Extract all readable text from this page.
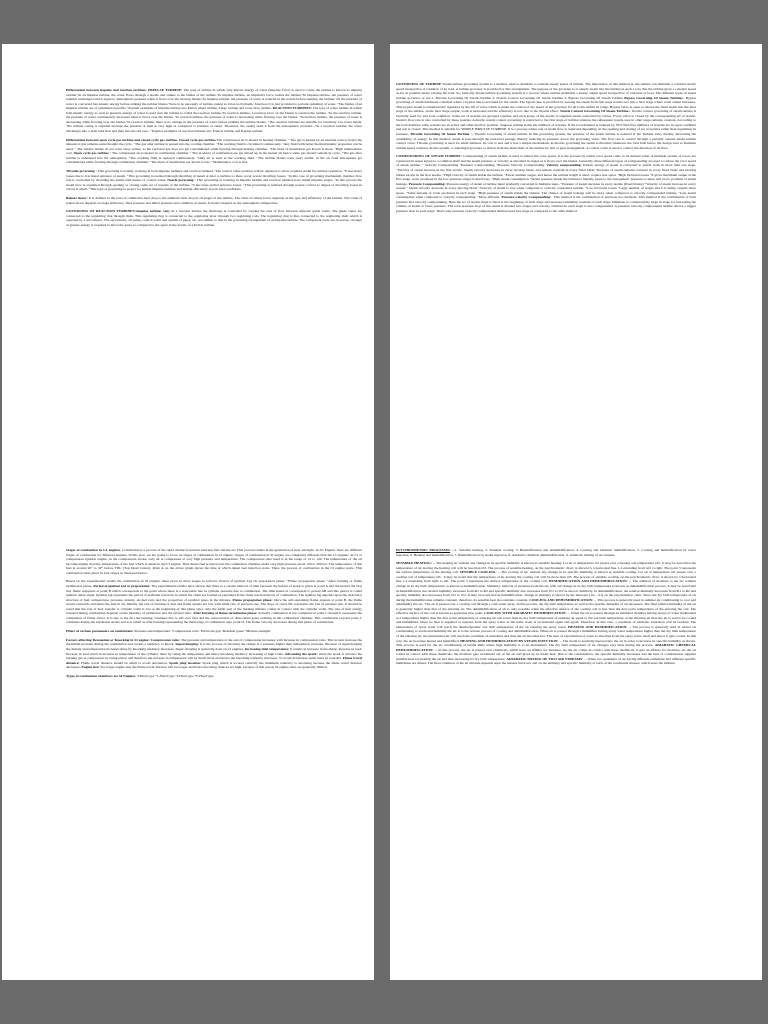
Differentiate between impulse and reaction turbines. IMPULSE TURBINE: The type of turbine in which only kinetic energy of water (impulse force) is used to rotate the turbine is known as impulse turbine."In an impulse turbine, the water flows through a nozzle and strikes to the blades of the turbine."In impulse turbine, an impulsive force rotates the turbine."In impulse turbine, the pressure of water remains unchanged and is equal to atmospheric pressure when it flows over the moving blades."In impulse turbine, the pressure of water is reduced in the nozzle before entering the turbine."all the pressure of water is converted into kinetic energy before striking the turbine blades."there is no necessity of turbine casing as it has no hydraulic function. It is just provided to prevent splashing of water. "The blades of an impulse turbine are of symmetrical profile."Popular examples of impulse turbine are: Pelton wheel turbine, Turgo turbine and cross-flow turbine. REACTION TURBINES: The type of water turbine in which both kinetic energy as well as pressure energy of water is used turn the turbine is called the reaction turbine."In reaction turbine, a reaction force on the blades is rotation the turbine. "In the reaction turbine, the pressure of water continuously decreases when it flows over the blades. "In reaction turbine, the pressure of water is decreasing while flowing over the blades. "In reaction turbine, the pressure of water is decreasing while flowing over the blades."In reaction turbine, there is no change in the pressure of water before striking the turbine blades. "The reaction turbines are suitable for relatively low water heads. "the turbine casing is required because the pressure at inlet is very high as compared to pressure at outlet. Therefore, the casing seals it from the atmospheric pressure..."In a reaction turbine, the water discharges into a draft tube first and then into the tail race.. "Popular examples of reaction turbines are: Francis turbine and Kaplan turbine.

Differentiate between open cycle gas turbine and closed cycle gas turbine. Closed cycle gas turbine The compressed air is heated in heating chamber. " The gas is heated by an external source, hence the amount of gas remains same thought the cycle. "The gas after turbine is passed into the cooling chamber. "The working fluid is circulated continuously. "Any fluid with better thermodynamic properties can be used. " The turbine blades do not wear away earlier, as the enclosed gas does not get contaminated while flowing through heating chamber. "The mass of installation per Kwatt is more. "High maintenance cost. Open cycle gas turbine : The compressed air is heated in combustion chamber " The products of combustion are get mixed up in the heated air hence same gas doesn't remain in cycle. "The gas after turbine is exhausted into the atmosphere. "The working fluid is replaced continuously. "Only air is used as the working fluid. "The turbine blades wear away earlier, as the air from atmosphere get contaminated while flowing through combustion chamber. "The mass of installation per Kwatt is less. "Maintenance cost is less.

Throttle governing : This governing is usually working in both impulse turbines and reaction turbines."The control value position will be adjusted to allow required steam for turbine operation. "It has lesser losses due to fractional entrance of steam. "This governing is realized through throttling of steam at inlet to turbine so there occur severe throttling losses. "In this case of governing mechanism, thermos flow rate is controlled by throttling the steam with means of control value. Nozzle governing : This governing is working in impulse turbine and reaction turbines have initial impulse stages. "In this process the steam flow is regulated through opening or closing some set of nozzles of the turbine. "It has large partial entrance losses. "This governing is realized through nozzle control so degree of throttling losses in valves is small. "This type of governing is proper for simple impulse turbines and mainly efficiently in part load conditions.

Reheat factor: It is defined as the ratio of cumulative heat drop to the adiabatic heat drop in all stages of the turbine. The value of reheat factor depends on the type and efficiency of the turbine. The value of reheat factor depends on stage efficiency, final pressure and initial pressure and condition of steam. It doesn't depend on the atmospheric temperature.

GOVERNING OF REACTION TURBINES=impulse turbine =any In a reaction turbine the discharge is controlled by varying the area of flow between adjacent guide vanes. The guide vanes are connected to the regulating ring through links. This regulating ring is connected to the regulating lever through two regulating rods. The regulating ring is thus connected to the regulating shaft which is operated by a servomotor. The servomotor, oil sump, control valve and system of pipes, etc. are similar to that in the governing arrangement of an impulse turbine. The component parts are, however, stronger as greater energy is required to move the gates as compared to the spear in the nozzle of a Pelton turbine.

GOVERNING OF TURBINE Steam turbine governing system is a method, used to maintain a constant steady speed of turbine. The importance of this method is, the turbine can maintain a constant steady speed irrespective of variation of its load. A turbine governor is provided for this arrangement. The purpose of the governor is to supply steam into the turbine in such a way that the turbine gives a constant speed as far as possible under varying the load. So, basically Steam turbine governing system is a process where turbine maintains a steady output speed irrespective of variation of load. The different types of steam turbine governor of are:1. Throttle Governing Of Steam Turbine 2. Nozzle Control Governing Of Steam Turbine 3. Bypass Governing Of Steam Turbine Bypass Governing Of Steam Turbine:- Bypass governing of steam turbinesis a method where a bypass line is provided for the steam. The bypass line is provided for passing the steam from first stage nozzle box into a later stage where work output increases. This bypass steam is automatically regulated by the lift of valve which is under the control of the speed of the governor for all loads within its range. Bypass valve is open to release the fresh steam into the later stage of the turbine. In the later stage output, work is increased and the efficiency is low due to the throttle effect. Nozzle Control Governing Of Steam Turbine:- Nozzle control governing of steam turbine is basically used for part load condition. Some set of nozzles are grouped together and each group of the nozzle is supplied steam controlled by valves. Every valve is closed by the corresponding set of nozzle. Steam's flow rate is also controlled by these nozzles. Actually, nozzle control governing is restricted to the first stage of turbine whereas the subsequent nozzle area in other stage remains constant. According to the load demand, some nozzles are in active and other inactive position. Suppose turbine holds ten numbers of nozzles. If the load demand is reduced by 50% then five numbers of nozzles are in open condition and rest is closed. This method is suitable for SIMPLE IMPULSE TURBINE. It is a process where rate of steam flow is regulated depending on the opening and closing of set of nozzles rather than regulating its pressure. Throttle Governing Of Steam Turbine :- Throttle Governing of steam turbine In this governing system, the pressure of the steam turbine is reduced at the Turbine entry thereby decreasing the availability of energy. In this method, steam is pass through the restricted passage thereby reducing its pressure across the governing valve. The flow rate is control through a partially opened steam turbine control valve. Throttle governing is used for small turbines. Its cost is less and it has a simple mechanism. In throttle governing the steam is throttled whenever the load falls below the design load to maintain turbine speed constant. In this system, a centrifugal governor is driven from the main shaft of the turbine by belt or gear arrangement. A control valve is used to control the direction of oil flow.

COMPOUNDING OF STEAM TURBINE: Compounding of steam turbine is used to reduce the rotor speed. It is the process by which rotor speed come to its desired value. A multiple system of rotors are connected in series keyed to a common shaft and the steam pressure or velocity is absorbed in stages as it flows over the blades. Generally, three different types of compounding are used to reduce the rotor speed of steam turbine. " Velocity Compounding "Pressure Compounding "Pressure Velocity Compounding. Velocity compounding: Kinetic energy of steam is converted to useful work in more than one stage. "Velocity of steam increase in the first nozzle. Steam velocity decreases in every moving blade, and remain constant in every fixed blade "Pressure of steam remains constant in every fixed blade and moving blades except in the first nozzle. "High velocity of steam inside the turbine. "Fewer number stages, and hence the turbine length is short, require less space "High frictional losses "It gives maximum output at the first stage, work produced in the low-pressure stages is much less. "High steam consumption "Steam pressure inside the turbine is literally equal to the atmospheric pressure so there will be no problem of steam leakage. Pressure Compounding: Pressure energy of steam at turbine input gradually converted in multiple steps. "Pressure of steam decrease in every nozzle (fixed blades) "Velocity of steam increase in every nozzle." Steam velocity decrease in every moving blade "Velocity of steam is low when compared to velocity compound turbine. "Low frictional losses "Large number of stages and it is bulky, require more space. "Same amount of work produced in each stage. "High pressure of steam inside the turbine. The chance of steam leakage will be more when compared to velocity compounded turbine. "Less steam consumption when compared to velocity compounding. "More efficient. Pressure-velocity Compounding:- This method is the combination of previous two methods. This method is the combination of both pressure and velocity compounding. Here the set of nozzle rings is fixed at the beginning of each stage and pressure remaining constant of each stage. Diameter is comparatively large in stage for increasing the volume of steam at lower pressure. The total pressure drop of the steam is divided into stages and velocity obtained in each stage is also compounded. A pressure velocity compounded turbine allows a bigger pressure drop in each stage. That's why pressure velocity compounded method need less stage as compared to the other method.

Stages of combustion in S.I. engines. Combustion is a process of the rapid chemical reaction between fuel and the air. This process results in the generation of heat and light. In SC Engine, there are different stages of combustion for different engines. In this post, we are going to focus on stages of combustion in CI engine. Stages of combustion in SI engine are completely different than the CI engines. In CI or compression ignition engine, in the compression stroke, only air is compressed at very high pressure and temperature. The compression ratio used is in the range of 12 to 120. The temperature of the air becomes higher than the temperature of the fuel which is diesel in the CI engine. Then diesel fuel is injected in the combustion chamber under very high pressure about 120 to 200 bar. The temperature of this fuel is around 20° to 30° before TDC (Top Dead Center). Point A on the above graph shows the time at which diesel fuel injection starts. Then, the process of combustion in the CI engine starts. This combustion takes place in four stages as discussed below.

Based on the experimental results the combustion in SI engines takes place in three stages as follows: Period of ignition Lag Or preparation phase. "Flame propagation phase. "After burning or flame termination phase. Period of ignition lad or preparation: The experimental results have shown that there is a certain interval of time between the instant of spark is given at point A and the instant the first tiny flame reappears at point B which corresponds to the point where there is a noticeable rise in cylinder pressure due to combustion. The time intern al corresponds to period AB and this period is called ignition delay angle. Ignition lag represents the period of preflame reactions in which the chain are formed as explained in the chain reaction theory of combustion. The ignition lag depends upon the molecular structure of fuel, temperature, pressure, density, air-fuel ratio and the proportion of residual gases in the mixture. Flame propagation phase: Once the self-sustaining flame appears at point B, the flame travels outwards and burns the fuel in air. Initially the rate of burning of fuel and flame speeds are low with small rate of pressure rise. The slope of curve BC represents the rate of pressure rise. It should be noted that the rate of heat transfer to cylinder walls is low at the beginning of this phase since only the small part of the burning mixture comes in contact with the cylinder walls. The rate of heat energy released during combustion depends on the intensity of turbulence and the air-fuel ratio. After burning of flame termination phase: Actually combustion is not completed at point C though it represents the completion of flame travel. It is due to the fact the burning continues due to left over fuel and the reassociation of dissociated gases existing in the combustion chamber. This combustion beyond point C continues during the expansion stroke and it is called as after burning representing the third stage of combustion upto point D. The flame velocity decreases during this phase of combustion.

Effect of various parameters on combustion: Pressure and temperature "Compression ratio "Electrode gap "Residual gases "Mixture strength.

Factors affecting Detonation or Knocking in SI engine: Compression ratio: The pressure and temperature at the end of compression increases with increase in compression ratio. This in turn increase the maximum pressure during the combustion and creates a tendency to knock. Supercharging: It is the process of allowing the charge at a pressure higher than atmospheric pressure. Because of supercharging the density and temperature increases there by knocking tendency increases. Super charging is generally done on CI engines. Increasing inlet temperature: It results in increase in knocking. Increase in load: Increase in load result in increase in temperature of the cylinder, there by rising the temperature and hence knocking tendency increasing at high loads. Advancing the spark: when the spark is advance the burning gas is compressed by rising piston and therefore the increase in temperature will be much more and hence the knocking tendency increases. To avoid detonation spark must be retarded. Flame travel distance: Flame travel distance should be small to avoid detonation. Spark plug location: Spark plug which is located centrally has minimum tendency to knocking because the flame travel distance decreases. Engine size: For larger engine size the flame travel distance will be longer and hence knocking chances are high, because of this reason SI engine sizes are generally limited.

Types of combustion chambers for SI Engines. T-Head type "L-Head type "I-Head type "F-Head type

PSYCHROMETRIC PROCESSES :--1. Sensible heating, 2. Sensible cooling, 3. Humidification and dehumidification, 4. Cooling and adiabatic humidification, 5. Cooling and humidification by water injection, 6. Heating and humidification, 7. Humidification by steam injection, 8. Adiabatic chemical dehumidification, 9. Adiabatic mixing of air streams.

SENSIBLE HEATING: -- The heating air without any change in its specific humidity is known as sensible heating. Let air at temperature td1 passes over a heating coil temperature td3 . It may be noted that the temperature of air leaving the heating coil will be less than td3. The process of sensible heating, on the psychrometric chart, is shown by a horizontal line 1-2 extending from left to right. The point 3 represents the surface temperature of the heating coil. SENSIBLE COOLING: -- The cooling of air, without any change in its specific humidity, is known as sensible cooling. Let air at temperature td1 passes over a cooling coil of temperature td3 . It may be noted that the temperature of air leaving the cooling coil will be more than td3. The process of sensible cooling, on the psychrometric chart, is shown by a horizontal line 1-2 extending from right to left. The point 3 represents the surface temperature of the cooling coil. HUMIDIFICATION AND DEHUMIDIFICATION: -- The addition of moisture to the air, without change in its dry bulb temperature, is known as humidification. Similarly, removal of moisture from the air, with out change in its dry bulb temperature is known as dehumidification process. It may be noted that in humidification, the relative humidity increases from Φ1 to Φ2 and specific humidity also increases from W1 to W2 as shown. Similarly, in dehumidification, the relative humidity decreases from Φ1 to Φ2 and specific humidity also decreases from W1 to W2. It may be noted that in humidification, change in enthalpy is shown by the intercept ( h2 – h1) on the psychometric chart. Since the dry bulb temperature of air during the humidification remains constant, therefore, its sensible heat also remains constant. COOLING AND DEHUMIDIFICATION: -- This process is generally used in summer air conditioning to cool and dehumidify the air,. The air is passed over a cooling coil through a cold-water spray. In this process, the dry bulb temperature as well as the specific humidity of air decreases. The final relative humidity of the air is generally higher than that of the entering air. The dehumidification of air is only possible when the effective surface of the cooling coil is less than the dew point temperature of the entering the coil. The effective surface of the coil is known as apparatus dew point. COOLING WITH ADIABATIC HUMIDIFICATION: -- When the air is passed through an insulated chamber having sprays of water maintained at a temperature higher than the dew point temperature of entering air, but lower than its dry bulb temperature of entering air equal to the wet bulb temperature of the entering air then the air is said to be cooled and humidified. Since no heat is supplied or rejected from the spray water as the same water is recirculated again and again. Therefore, in this case, a condition of adiabatic saturation will be reached. The temperature of spray water will reach the thermodynamic wet bulb temperature of the air entering the spray water. HEATING AND HUMIDIFICATION: -- The process is generally used in winter air conditioning to warm and humidify the air. It is the reverse process of cooling and dehumidification. When air is passed through a humidifier having spray water temperature higher than the dry bulb temperature of the entering air, the unsaturated air will reach the condition of saturation and thus the air becomes hot. The heat of vaporization of water is absorbed from the spray water itself and hence it gets cooled. In this way, the air becomes heated and humidified. HEATING AND HUMIDIFICATION BY STEAM INJECTION: -- The steam is normally injected into the air in order to increase its specific humidity as shown. This process is used for the air conditioning of textile mills where high humidity is to be maintained. The dry bulb temperature of air changes very little during the process. ADIABATIC CHEMICAL DEHUMIDIFICATION: -- In this process, the air is passed over chemicals, which have an affinity for moisture. As the air comes in contact with these chemicals, it gets an affinity for moisture. As the air comes in contact with these chemicals, the moisture gets condensed out of the air and gives up its latent heat. Due to the condensation, the specific humidity decreases and the heat of condensation supplies sensible heat for heating the air and thus increasing its dry bulb temperature. ADIABATIC MIXING OF TWO AIR STREAMS: -- When two quantities of air having different enthalpies and different specific humidities are mixed. The final condition of the air mixture depends upon the masses involved, and on the enthalpy and specific humidity of each of the constituent masses, which enter the mixture.
